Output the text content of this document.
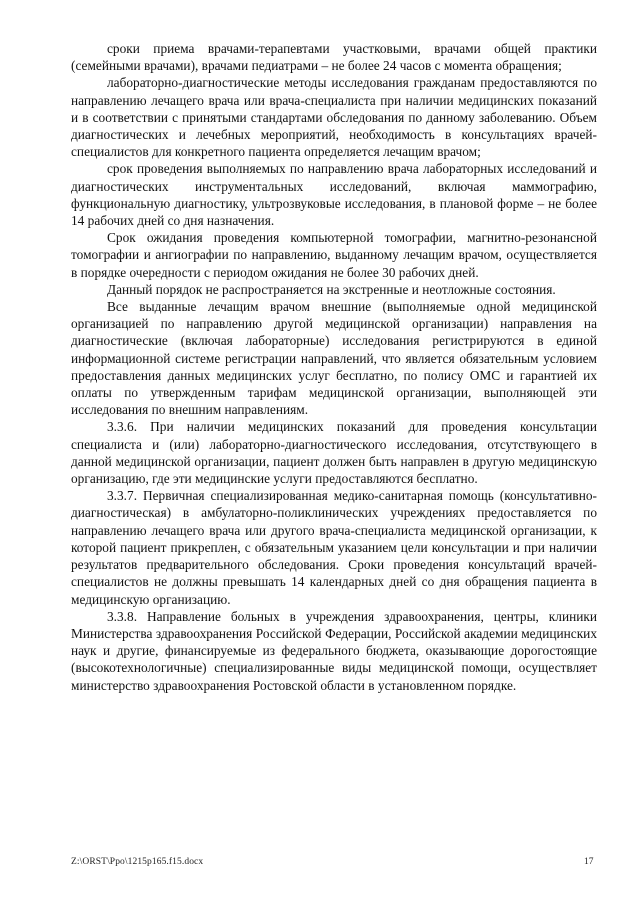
сроки приема врачами-терапевтами участковыми, врачами общей практики (семейными врачами), врачами педиатрами – не более 24 часов с момента обращения;

лабораторно-диагностические методы исследования гражданам предоставляются по направлению лечащего врача или врача-специалиста при наличии медицинских показаний и в соответствии с принятыми стандартами обследования по данному заболеванию. Объем диагностических и лечебных мероприятий, необходимость в консультациях врачей-специалистов для конкретного пациента определяется лечащим врачом;

срок проведения выполняемых по направлению врача лабораторных исследований и диагностических инструментальных исследований, включая маммографию, функциональную диагностику, ультрозвуковые исследования, в плановой форме – не более 14 рабочих дней со дня назначения.

Срок ожидания проведения компьютерной томографии, магнитно-резонансной томографии и ангиографии по направлению, выданному лечащим врачом, осуществляется в порядке очередности с периодом ожидания не более 30 рабочих дней.

Данный порядок не распространяется на экстренные и неотложные состояния.

Все выданные лечащим врачом внешние (выполняемые одной медицинской организацией по направлению другой медицинской организации) направления на диагностические (включая лабораторные) исследования регистрируются в единой информационной системе регистрации направлений, что является обязательным условием предоставления данных медицинских услуг бесплатно, по полису ОМС и гарантией их оплаты по утвержденным тарифам медицинской организации, выполняющей эти исследования по внешним направлениям.

3.3.6. При наличии медицинских показаний для проведения консультации специалиста и (или) лабораторно-диагностического исследования, отсутствующего в данной медицинской организации, пациент должен быть направлен в другую медицинскую организацию, где эти медицинские услуги предоставляются бесплатно.

3.3.7. Первичная специализированная медико-санитарная помощь (консультативно-диагностическая) в амбулаторно-поликлинических учреждениях предоставляется по направлению лечащего врача или другого врача-специалиста медицинской организации, к которой пациент прикреплен, с обязательным указанием цели консультации и при наличии результатов предварительного обследования. Сроки проведения консультаций врачей-специалистов не должны превышать 14 календарных дней со дня обращения пациента в медицинскую организацию.

3.3.8. Направление больных в учреждения здравоохранения, центры, клиники Министерства здравоохранения Российской Федерации, Российской академии медицинских наук и другие, финансируемые из федерального бюджета, оказывающие дорогостоящие (высокотехнологичные) специализированные виды медицинской помощи, осуществляет министерство здравоохранения Ростовской области в установленном порядке.

Z:\ORST\Ppo\1215p165.f15.docx	17
